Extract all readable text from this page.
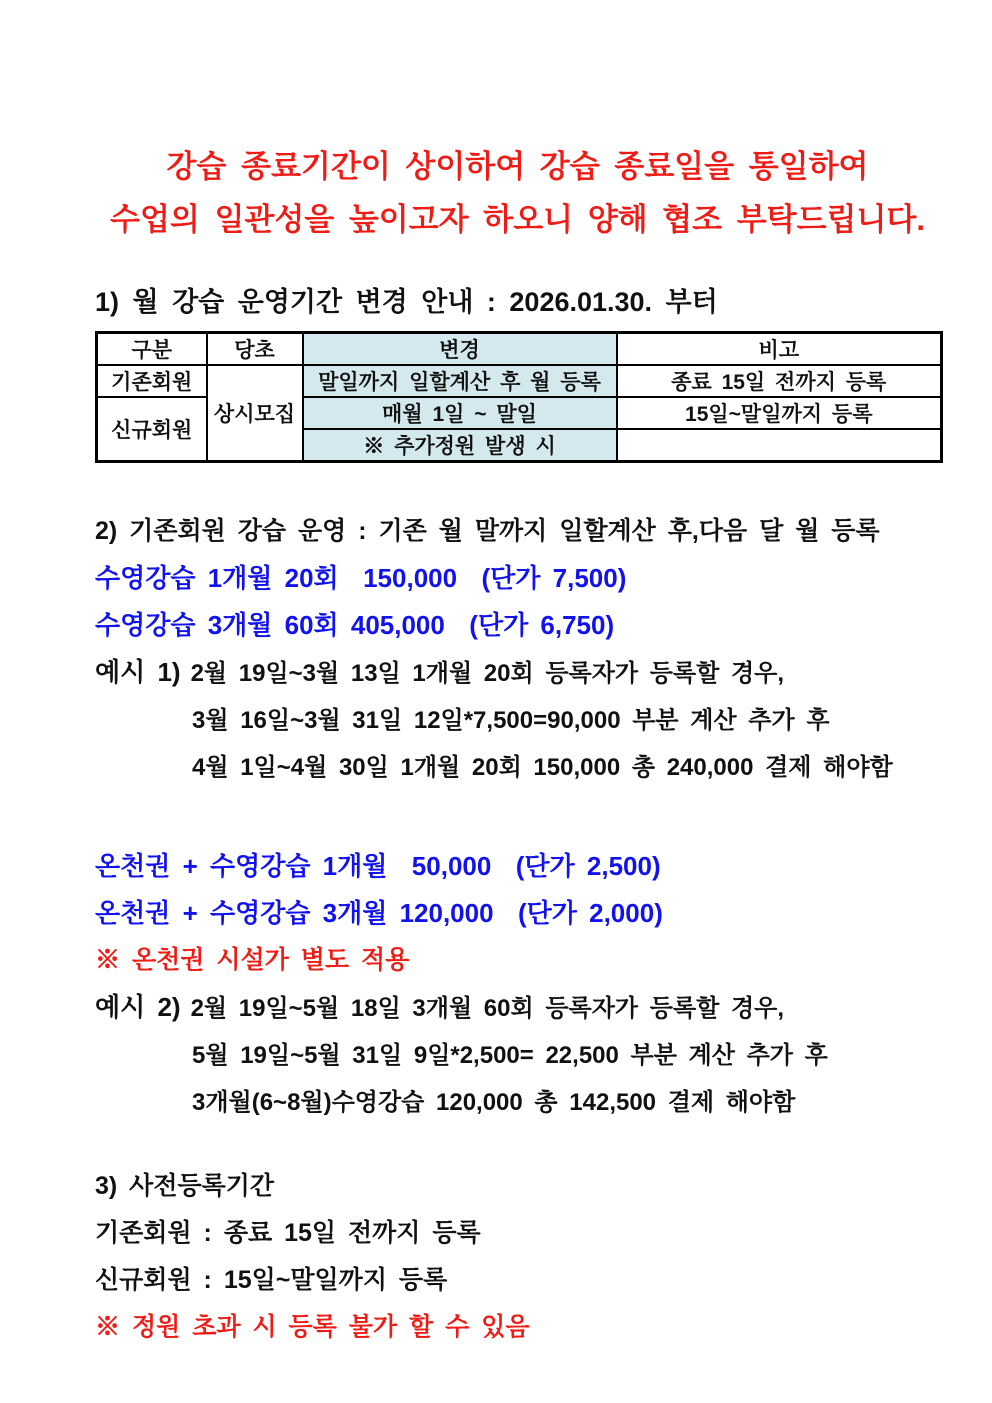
강습 종료기간이 상이하여 강습 종료일을 통일하여
수업의 일관성을 높이고자 하오니 양해 협조 부탁드립니다.
1) 월 강습 운영기간 변경 안내 : 2026.01.30. 부터
구분	당초	변경	비고
기존회원	상시모집	말일까지 일할계산 후 월 등록	종료 15일 전까지 등록
신규회원		매월 1일 ~ 말일	15일~말일까지 등록
		※ 추가정원 발생 시	
2) 기존회원 강습 운영 : 기존 월 말까지 일할계산 후,다음 달 월 등록
수영강습 1개월 20회  150,000  (단가 7,500)
수영강습 3개월 60회 405,000  (단가 6,750)
예시 1) 2월 19일~3월 13일 1개월 20회 등록자가 등록할 경우,
3월 16일~3월 31일 12일*7,500=90,000 부분 계산 추가 후
4월 1일~4월 30일 1개월 20회 150,000 총 240,000 결제 해야함
온천권 + 수영강습 1개월  50,000  (단가 2,500)
온천권 + 수영강습 3개월 120,000  (단가 2,000)
※ 온천권 시설가 별도 적용
예시 2) 2월 19일~5월 18일 3개월 60회 등록자가 등록할 경우,
5월 19일~5월 31일 9일*2,500= 22,500 부분 계산 추가 후
3개월(6~8월)수영강습 120,000 총 142,500 결제 해야함
3) 사전등록기간
기존회원 : 종료 15일 전까지 등록
신규회원 : 15일~말일까지 등록
※ 정원 초과 시 등록 불가 할 수 있음
